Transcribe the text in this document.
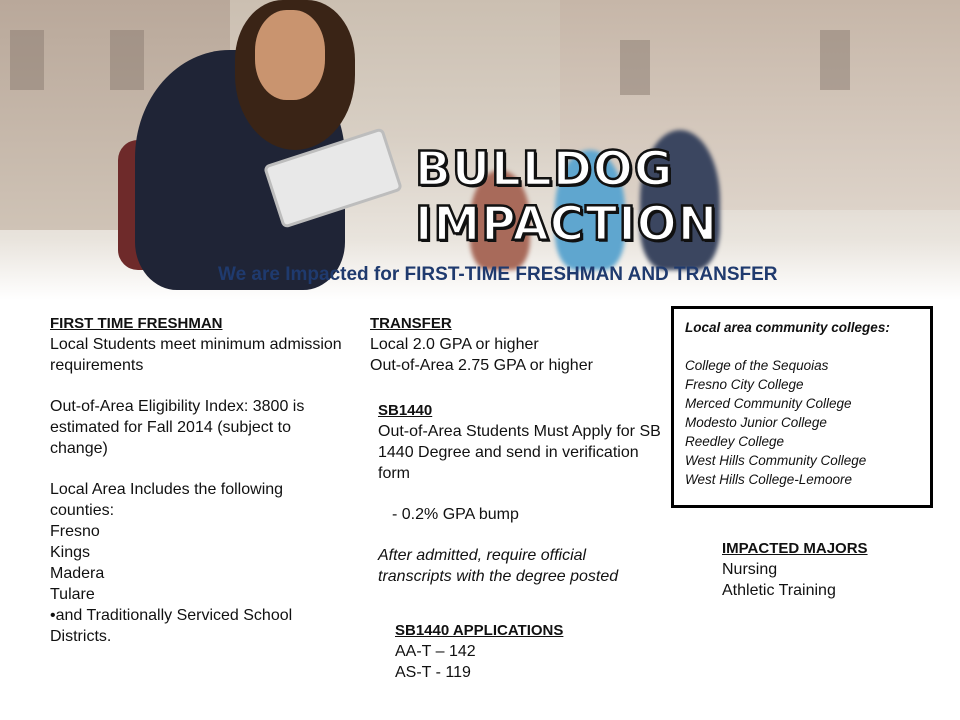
BULLDOG IMPACTION
We are Impacted for FIRST-TIME FRESHMAN AND TRANSFER

FIRST TIME FRESHMAN

Local Students meet minimum admission requirements

Out-of-Area Eligibility Index: 3800 is estimated for Fall 2014 (subject to change)

Local Area Includes the following counties:

Fresno

Kings

Madera

Tulare

•and Traditionally Serviced School Districts.

TRANSFER

Local 2.0 GPA or higher

Out-of-Area 2.75 GPA or higher

SB1440

Out-of-Area Students Must Apply for SB 1440 Degree and send in verification form

- 0.2% GPA bump

After admitted, require official transcripts with the degree posted

SB1440 APPLICATIONS

AA-T – 142

AS-T - 119

Local area community colleges:
College of the Sequoias
Fresno City College
Merced Community College
Modesto Junior College
Reedley College
West Hills Community College
West Hills College-Lemoore

IMPACTED MAJORS

Nursing

Athletic Training
